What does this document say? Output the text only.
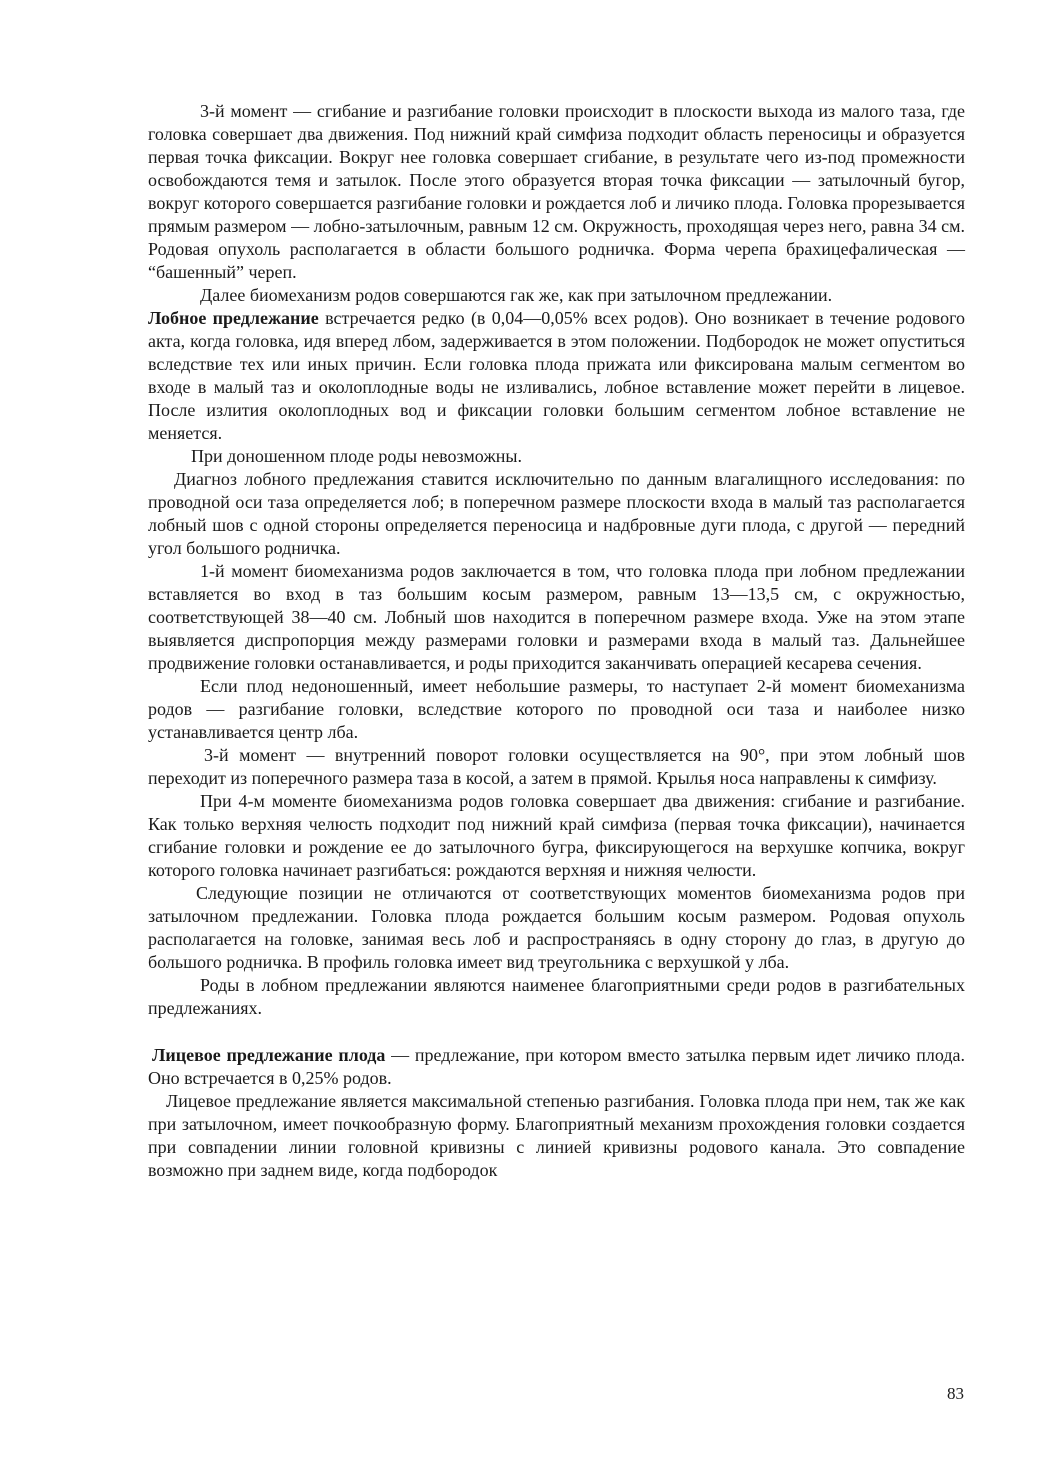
3-й момент — сгибание и разгибание головки происходит в плоскости выхода из малого таза, где головка совершает два движения. Под нижний край симфиза подходит область переносицы и образуется первая точка фиксации. Вокруг нее головка совершает сгибание, в результате чего из-под промежности освобождаются темя и затылок. После этого образуется вторая точка фиксации — затылочный бугор, вокруг которого совершается разгибание головки и рождается лоб и личико плода. Головка прорезывается прямым размером — лобно-затылочным, равным 12 см. Окружность, проходящая через него, равна 34 см. Родовая опухоль располагается в области большого родничка. Форма черепа брахицефалическая — “башенный” череп.

Далее биомеханизм родов совершаются гак же, как при затылочном предлежании.

Лобное предлежание встречается редко (в 0,04—0,05% всех родов). Оно возникает в течение родового акта, когда головка, идя вперед лбом, задерживается в этом положении. Подбородок не может опуститься вследствие тех или иных причин. Если головка плода прижата или фиксирована малым сегментом во входе в малый таз и околоплодные воды не изливались, лобное вставление может перейти в лицевое. После излития околоплодных вод и фиксации головки большим сегментом лобное вставление не меняется.

При доношенном плоде роды невозможны.

Диагноз лобного предлежания ставится исключительно по данным влагалищного исследования: по проводной оси таза определяется лоб; в поперечном размере плоскости входа в малый таз располагается лобный шов с одной стороны определяется переносица и надбровные дуги плода, с другой — передний угол большого родничка.

1-й момент биомеханизма родов заключается в том, что головка плода при лобном предлежании вставляется во вход в таз большим косым размером, равным 13—13,5 см, с окружностью, соответствующей 38—40 см. Лобный шов находится в поперечном размере входа. Уже на этом этапе выявляется диспропорция между размерами головки и размерами входа в малый таз. Дальнейшее продвижение головки останавливается, и роды приходится заканчивать операцией кесарева сечения.

Если плод недоношенный, имеет небольшие размеры, то наступает 2-й момент биомеханизма родов — разгибание головки, вследствие которого по проводной оси таза и наиболее низко устанавливается центр лба.

3-й момент — внутренний поворот головки осуществляется на 90°, при этом лобный шов переходит из поперечного размера таза в косой, а затем в прямой. Крылья носа направлены к симфизу.

При 4-м моменте биомеханизма родов головка совершает два движения: сгибание и разгибание. Как только верхняя челюсть подходит под нижний край симфиза (первая точка фиксации), начинается сгибание головки и рождение ее до затылочного бугра, фиксирующегося на верхушке копчика, вокруг которого головка начинает разгибаться: рождаются верхняя и нижняя челюсти.

Следующие позиции не отличаются от соответствующих моментов биомеханизма родов при затылочном предлежании. Головка плода рождается большим косым размером. Родовая опухоль располагается на головке, занимая весь лоб и распространяясь в одну сторону до глаз, в другую до большого родничка. В профиль головка имеет вид треугольника с верхушкой у лба.

Роды в лобном предлежании являются наименее благоприятными среди родов в разгибательных предлежаниях.

Лицевое предлежание плода — предлежание, при котором вместо затылка первым идет личико плода. Оно встречается в 0,25% родов.

Лицевое предлежание является максимальной степенью разгибания. Головка плода при нем, так же как при затылочном, имеет почкообразную форму. Благоприятный механизм прохождения головки создается при совпадении линии головной кривизны с линией кривизны родового канала. Это совпадение возможно при заднем виде, когда подбородок

83
